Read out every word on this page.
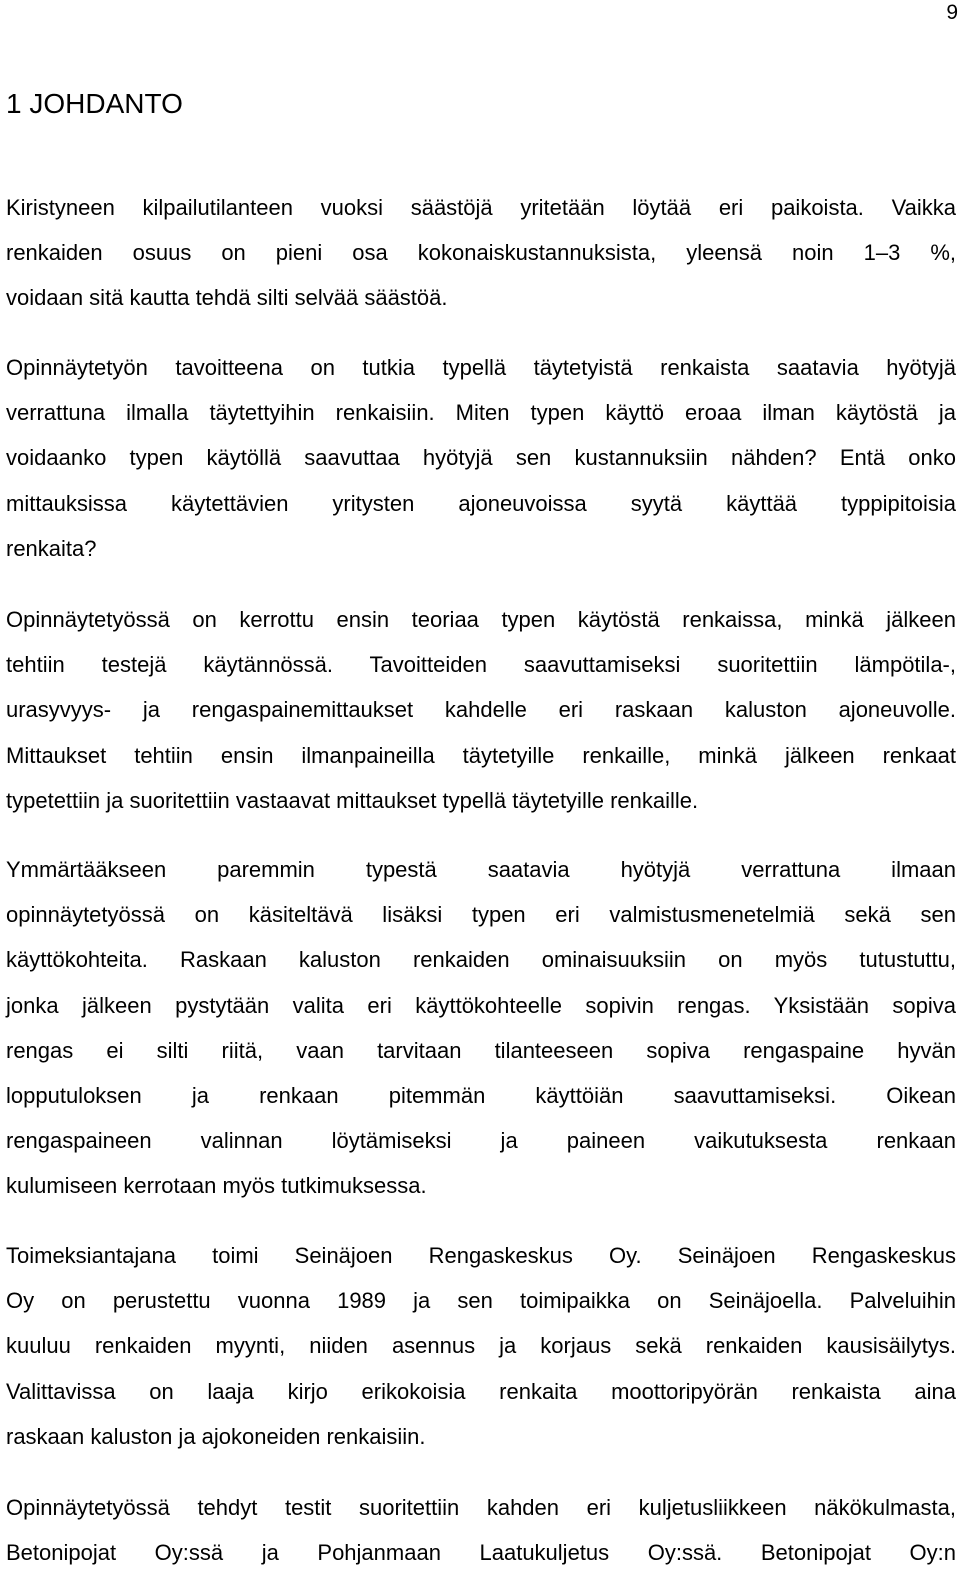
9
1 JOHDANTO
Kiristyneen kilpailutilanteen vuoksi säästöjä yritetään löytää eri paikoista. Vaikka
renkaiden osuus on pieni osa kokonaiskustannuksista, yleensä noin 1–3 %,
voidaan sitä kautta tehdä silti selvää säästöä.
Opinnäytetyön tavoitteena on tutkia typellä täytetyistä renkaista saatavia hyötyjä
verrattuna ilmalla täytettyihin renkaisiin. Miten typen käyttö eroaa ilman käytöstä ja
voidaanko typen käytöllä saavuttaa hyötyjä sen kustannuksiin nähden? Entä onko
mittauksissa käytettävien yritysten ajoneuvoissa syytä käyttää typpipitoisia
renkaita?
Opinnäytetyössä on kerrottu ensin teoriaa typen käytöstä renkaissa, minkä jälkeen
tehtiin testejä käytännössä. Tavoitteiden saavuttamiseksi suoritettiin lämpötila-,
urasyvyys- ja rengaspainemittaukset kahdelle eri raskaan kaluston ajoneuvolle.
Mittaukset tehtiin ensin ilmanpaineilla täytetyille renkaille, minkä jälkeen renkaat
typetettiin ja suoritettiin vastaavat mittaukset typellä täytetyille renkaille.
Ymmärtääkseen paremmin typestä saatavia hyötyjä verrattuna ilmaan
opinnäytetyössä on käsiteltävä lisäksi typen eri valmistusmenetelmiä sekä sen
käyttökohteita. Raskaan kaluston renkaiden ominaisuuksiin on myös tutustuttu,
jonka jälkeen pystytään valita eri käyttökohteelle sopivin rengas. Yksistään sopiva
rengas ei silti riitä, vaan tarvitaan tilanteeseen sopiva rengaspaine hyvän
lopputuloksen ja renkaan pitemmän käyttöiän saavuttamiseksi. Oikean
rengaspaineen valinnan löytämiseksi ja paineen vaikutuksesta renkaan
kulumiseen kerrotaan myös tutkimuksessa.
Toimeksiantajana toimi Seinäjoen Rengaskeskus Oy. Seinäjoen Rengaskeskus
Oy on perustettu vuonna 1989 ja sen toimipaikka on Seinäjoella. Palveluihin
kuuluu renkaiden myynti, niiden asennus ja korjaus sekä renkaiden kausisäilytys.
Valittavissa on laaja kirjo erikokoisia renkaita moottoripyörän renkaista aina
raskaan kaluston ja ajokoneiden renkaisiin.
Opinnäytetyössä tehdyt testit suoritettiin kahden eri kuljetusliikkeen näkökulmasta,
Betonipojat Oy:ssä ja Pohjanmaan Laatukuljetus Oy:ssä. Betonipojat Oy:n
